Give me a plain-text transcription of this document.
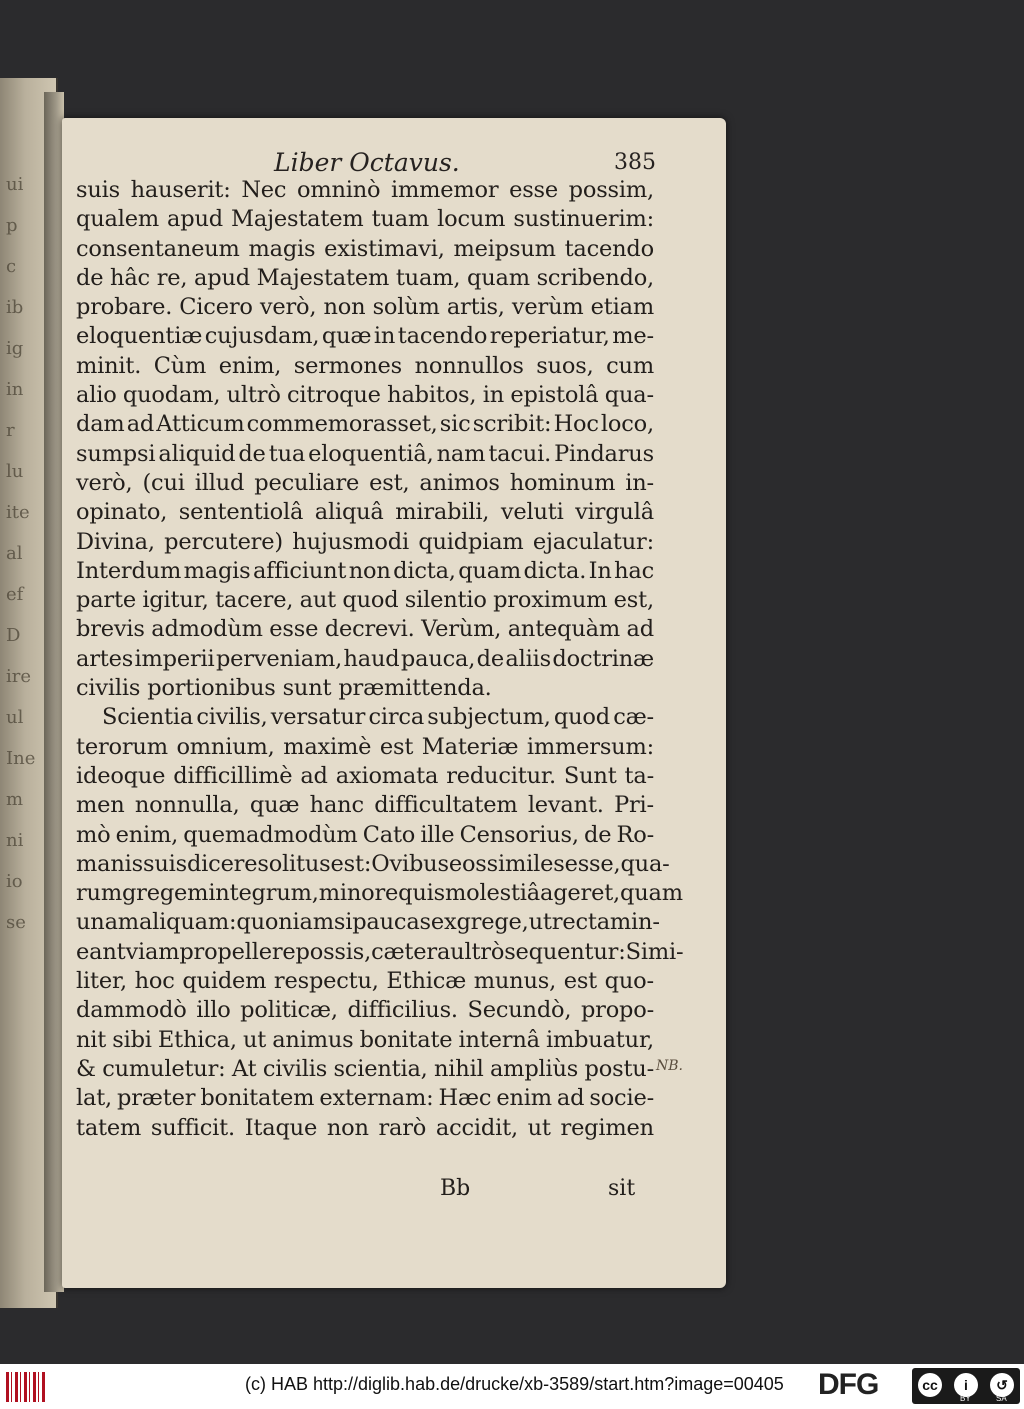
ui
p
c
ib
ig
in
r
lu
ite
al
ef
D
ire
ul
Ine
m
ni
io
se
Liber Octavus.	385
suis hauserit: Nec omninò immemor esse possim,
qualem apud Majestatem tuam locum sustinuerim:
consentaneum magis existimavi, meipsum tacendo
de hâc re, apud Majestatem tuam, quam scribendo,
probare. Cicero verò, non solùm artis, verùm etiam
eloquentiæ cujusdam, quæ in tacendo reperiatur, me-
minit. Cùm enim, sermones nonnullos suos, cum
alio quodam, ultrò citroque habitos, in epistolâ qua-
dam ad Atticum commemorasset, sic scribit: Hoc loco,
sumpsi aliquid de tua eloquentiâ, nam tacui. Pindarus
verò, (cui illud peculiare est, animos hominum in-
opinato, sententiolâ aliquâ mirabili, veluti virgulâ
Divina, percutere) hujusmodi quidpiam ejaculatur:
Interdum magis afficiunt non dicta, quam dicta. In hac
parte igitur, tacere, aut quod silentio proximum est,
brevis admodùm esse decrevi. Verùm, antequàm ad
artes imperii perveniam, haud pauca, de aliis doctrinæ
civilis portionibus sunt præmittenda.
Scientia civilis, versatur circa subjectum, quod cæ-
terorum omnium, maximè est Materiæ immersum:
ideoque difficillimè ad axiomata reducitur. Sunt ta-
men nonnulla, quæ hanc difficultatem levant. Pri-
mò enim, quemadmodùm Cato ille Censorius, de Ro-
manis suis dicere solitus est: Ovibus eos similes esse, qua-
rum gregem integrum, minore quis molestiâ ageret, quam
unam aliquam: quoniam si paucas ex grege, ut rectam in-
eant viam propellere possis, cætera ultrò sequentur: Simi-
liter, hoc quidem respectu, Ethicæ munus, est quo-
dammodò illo politicæ, difficilius. Secundò, propo-
nit sibi Ethica, ut animus bonitate internâ imbuatur,
& cumuletur: At civilis scientia, nihil ampliùs postu-
lat, præter bonitatem externam: Hæc enim ad socie-
tatem sufficit. Itaque non rarò accidit, ut regimen
NB.
Bb	sit
(c) HAB http://diglib.hab.de/drucke/xb-3589/start.htm?image=00405 DFG	cc	i	↺
BY	SA
